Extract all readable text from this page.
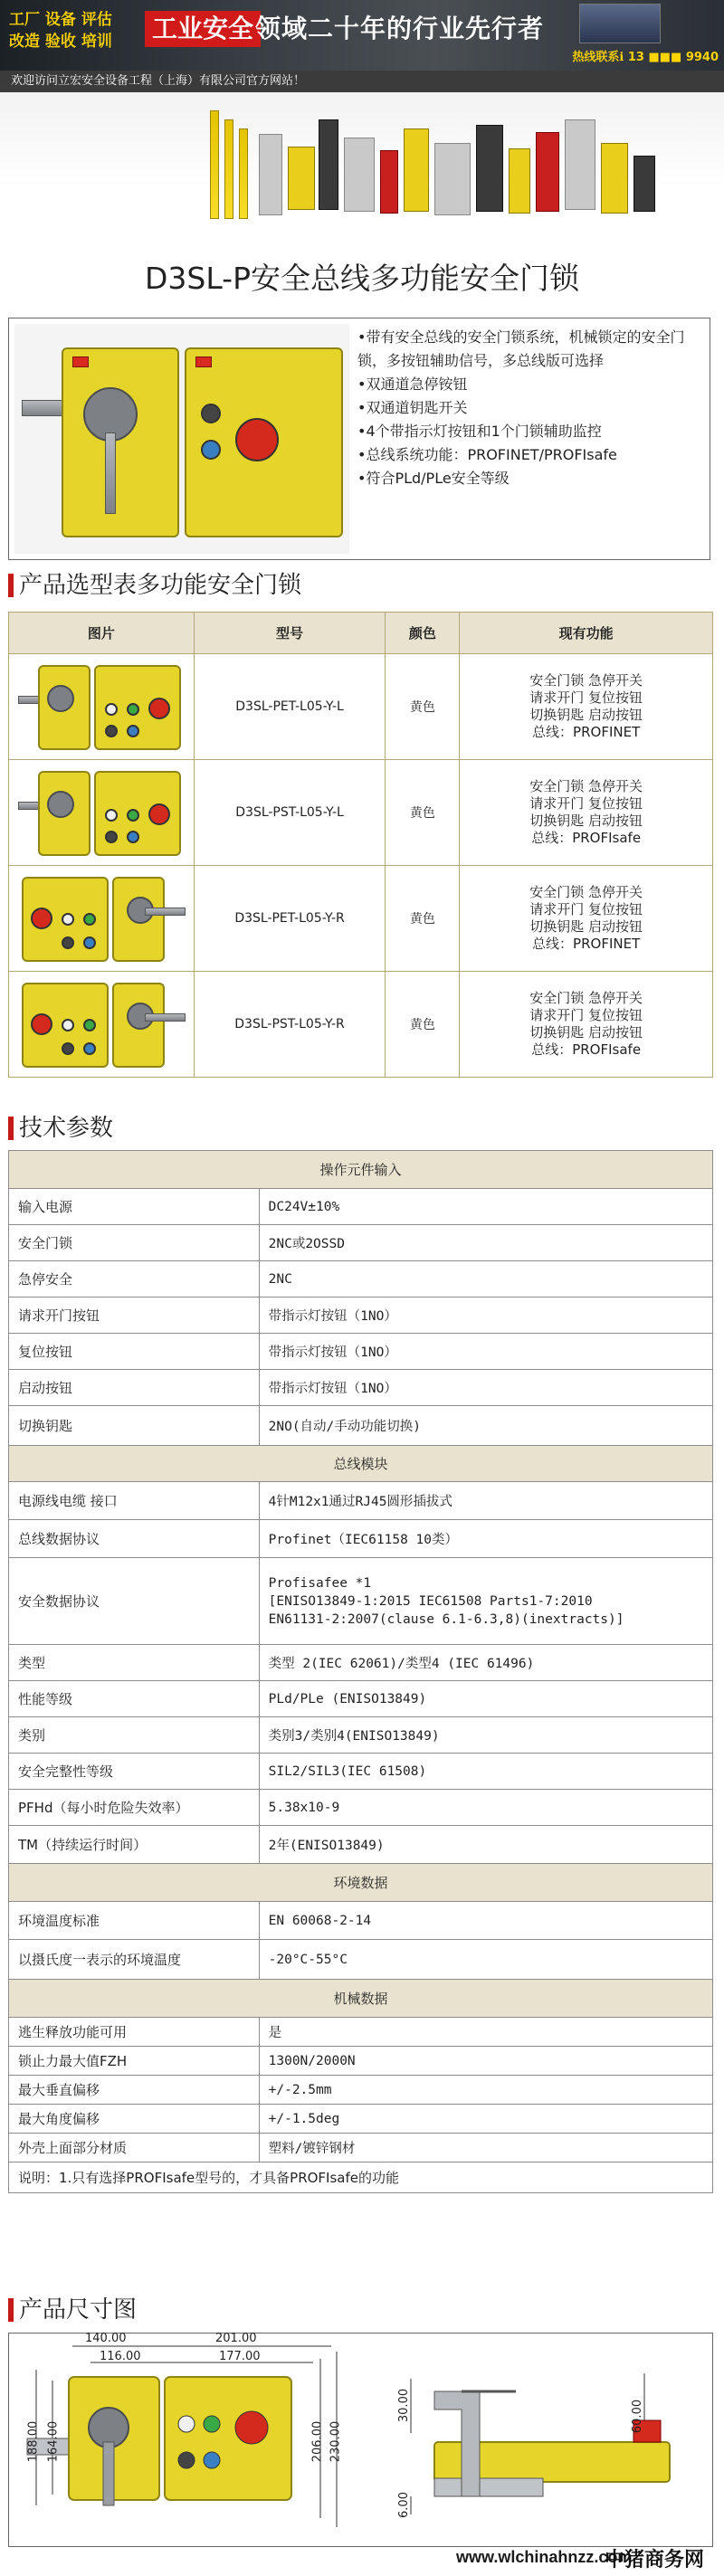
工厂 设备 评估
改造 验收 培训	工业安全 领域二十年的行业先行者
热线联系ℹ︎ 13 ■■■ 9940
欢迎访问立宏安全设备工程（上海）有限公司官方网站！
D3SL-P安全总线多功能安全门锁
•带有安全总线的安全门锁系统，机械锁定的安全门锁，多按钮辅助信号，多总线版可选择
•双通道急停铵钮
•双通道钥匙开关
•4个带指示灯按钮和1个门锁辅助监控
•总线系统功能：PROFINET/PROFIsafe
•符合PLd/PLe安全等级
产品选型表多功能安全门锁
图片	型号	颜色	现有功能

	D3SL-PET-L05-Y-L	黄色	安全门锁 急停开关
请求开门 复位按钮
切换钥匙 启动按钮
总线：PROFINET

	D3SL-PST-L05-Y-L	黄色	安全门锁 急停开关
请求开门 复位按钮
切换钥匙 启动按钮
总线：PROFIsafe

	D3SL-PET-L05-Y-R	黄色	安全门锁 急停开关
请求开门 复位按钮
切换钥匙 启动按钮
总线：PROFINET

	D3SL-PST-L05-Y-R	黄色	安全门锁 急停开关
请求开门 复位按钮
切换钥匙 启动按钮
总线：PROFIsafe
技术参数
操作元件输入	
输入电源	DC24V±10%
安全门锁	2NC或2OSSD
急停安全	2NC
请求开门按钮	带指示灯按钮（1NO）
复位按钮	带指示灯按钮（1NO）
启动按钮	带指示灯按钮（1NO）
切换钥匙	2NO(自动/手动功能切换)
总线模块	
电源线电缆 接口	4针M12x1通过RJ45圆形插拔式
总线数据协议	Profinet（IEC61158 10类）
安全数据协议	Profisafee *1
[ENISO13849-1:2015 IEC61508 Parts1-7:2010
EN61131-2:2007(clause 6.1-6.3,8)(inextracts)]

类型	类型 2(IEC 62061)/类型4 (IEC 61496)
性能等级	PLd/PLe (ENISO13849)
类别	类别3/类别4(ENISO13849)
安全完整性等级	SIL2/SIL3(IEC 61508)
PFHd（每小时危险失效率）	5.38x10-9
TM（持续运行时间）	2年(ENISO13849)
环境数据	
环境温度标准	EN 60068-2-14
以摄氏度一表示的环境温度	-20°C-55°C
机械数据	
逃生释放功能可用	是
锁止力最大值FZH	1300N/2000N
最大垂直偏移	+/-2.5mm
最大角度偏移	+/-1.5deg
外壳上面部分材质	塑料/镀锌钢材
说明：1.只有选择PROFIsafe型号的，才具备PROFIsafe的功能	
产品尺寸图
140.00
116.00
201.00
177.00
188.00 164.00	206.00 230.00
30.00	60.00
6.00
www.wlchinahnzz.com
中猪商务网
